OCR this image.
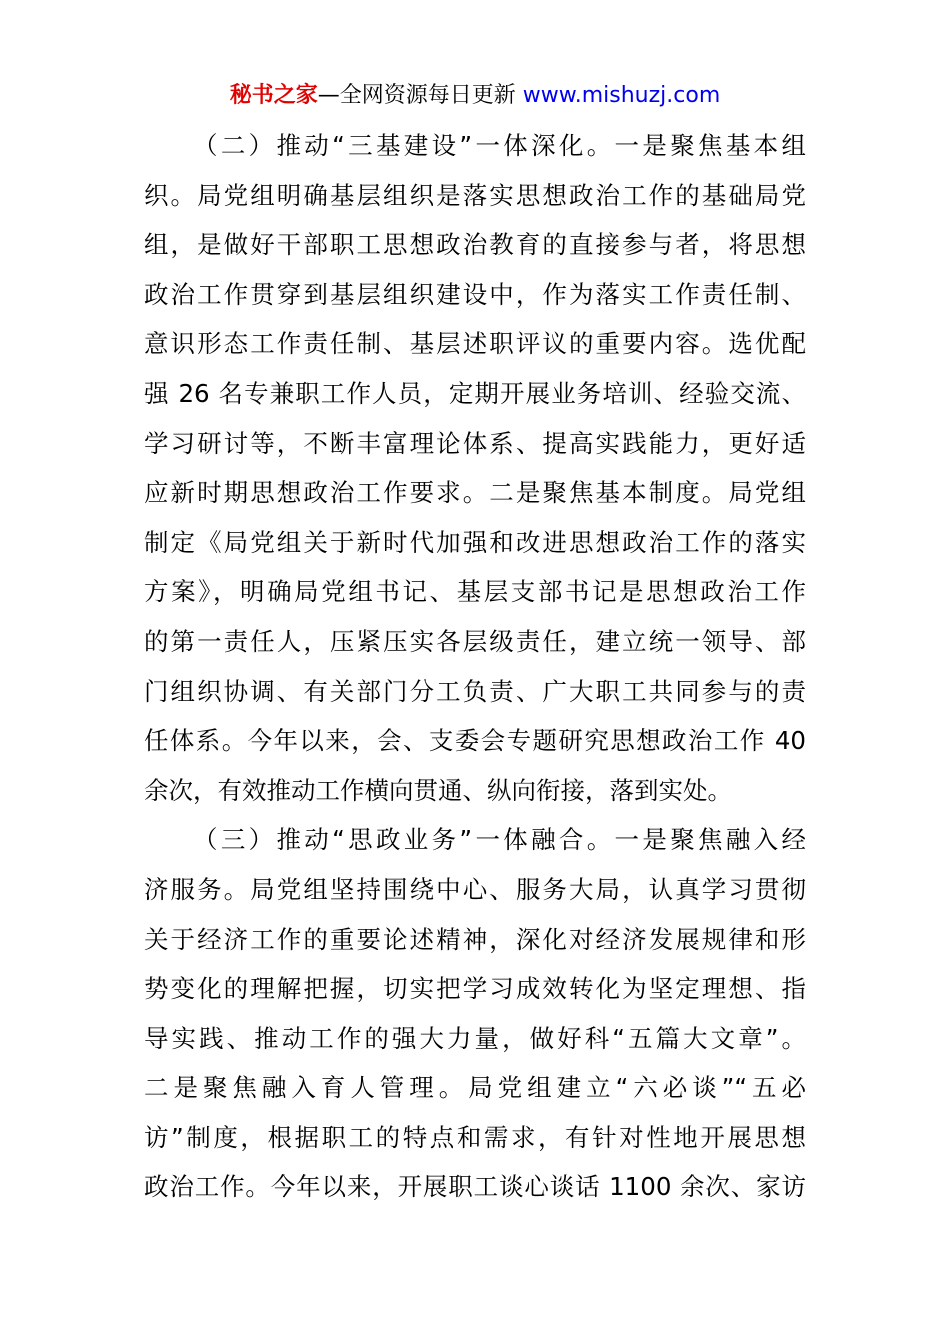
秘书之家—全网资源每日更新 www.mishuzj.com
（二）推动“三基建设”一体深化。一是聚焦基本组
织。局党组明确基层组织是落实思想政治工作的基础局党
组，是做好干部职工思想政治教育的直接参与者，将思想
政治工作贯穿到基层组织建设中，作为落实工作责任制、
意识形态工作责任制、基层述职评议的重要内容。选优配
强 26 名专兼职工作人员，定期开展业务培训、经验交流、
学习研讨等，不断丰富理论体系、提高实践能力，更好适
应新时期思想政治工作要求。二是聚焦基本制度。局党组
制定《局党组关于新时代加强和改进思想政治工作的落实
方案》，明确局党组书记、基层支部书记是思想政治工作
的第一责任人，压紧压实各层级责任，建立统一领导、部
门组织协调、有关部门分工负责、广大职工共同参与的责
任体系。今年以来，会、支委会专题研究思想政治工作 40
余次，有效推动工作横向贯通、纵向衔接，落到实处。
（三）推动“思政业务”一体融合。一是聚焦融入经
济服务。局党组坚持围绕中心、服务大局，认真学习贯彻
关于经济工作的重要论述精神，深化对经济发展规律和形
势变化的理解把握，切实把学习成效转化为坚定理想、指
导实践、推动工作的强大力量，做好科“五篇大文章”。
二是聚焦融入育人管理。局党组建立“六必谈”“五必
访”制度，根据职工的特点和需求，有针对性地开展思想
政治工作。今年以来，开展职工谈心谈话 1100 余次、家访
